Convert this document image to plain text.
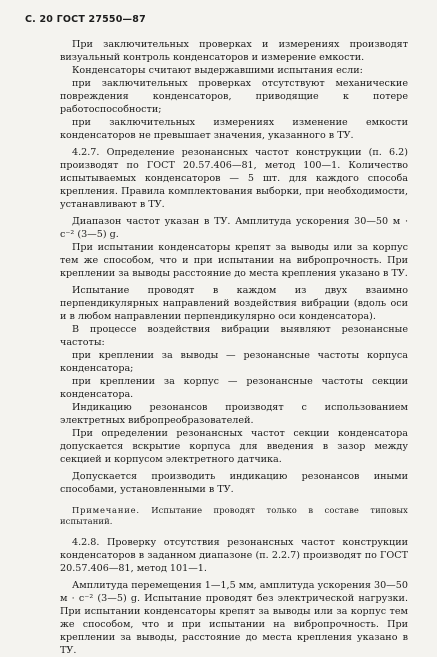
С. 20 ГОСТ 27550—87

При заключительных проверках и измерениях производят визуальный контроль конденсаторов и измерение емкости.

Конденсаторы считают выдержавшими испытания если:

при заключительных проверках отсутствуют механические повреждения конденсаторов, приводящие к потере работоспособности;

при заключительных измерениях изменение емкости конденсаторов не превышает значения, указанного в ТУ.

4.2.7. Определение резонансных частот конструкции (п. 6.2) производят по ГОСТ 20.57.406—81, метод 100—1. Количество испытываемых конденсаторов — 5 шт. для каждого способа крепления. Правила комплектования выборки, при необходимости, устанавливают в ТУ.

Диапазон частот указан в ТУ. Амплитуда ускорения 30—50 м · с⁻² (3—5) g.

При испытании конденсаторы крепят за выводы или за корпус тем же способом, что и при испытании на вибропрочность. При креплении за выводы расстояние до места крепления указано в ТУ.

Испытание проводят в каждом из двух взаимно перпендикулярных направлений воздействия вибрации (вдоль оси и в любом направлении перпендикулярно оси конденсатора).

В процессе воздействия вибрации выявляют резонансные частоты:

при креплении за выводы — резонансные частоты корпуса конденсатора;

при креплении за корпус — резонансные частоты секции конденсатора.

Индикацию резонансов производят с использованием электретных вибропреобразователей.

При определении резонансных частот секции конденсатора допускается вскрытие корпуса для введения в зазор между секцией и корпусом электретного датчика.

Допускается производить индикацию резонансов иными способами, установленными в ТУ.

Примечание. Испытание проводят только в составе типовых испытаний.

4.2.8. Проверку отсутствия резонансных частот конструкции конденсаторов в заданном диапазоне (п. 2.2.7) производят по ГОСТ 20.57.406—81, метод 101—1.

Амплитуда перемещения 1—1,5 мм, амплитуда ускорения 30—50 м · с⁻² (3—5) g. Испытание проводят без электрической нагрузки. При испытании конденсаторы крепят за выводы или за корпус тем же способом, что и при испытании на вибропрочность. При креплении за выводы, расстояние до места крепления указано в ТУ.
